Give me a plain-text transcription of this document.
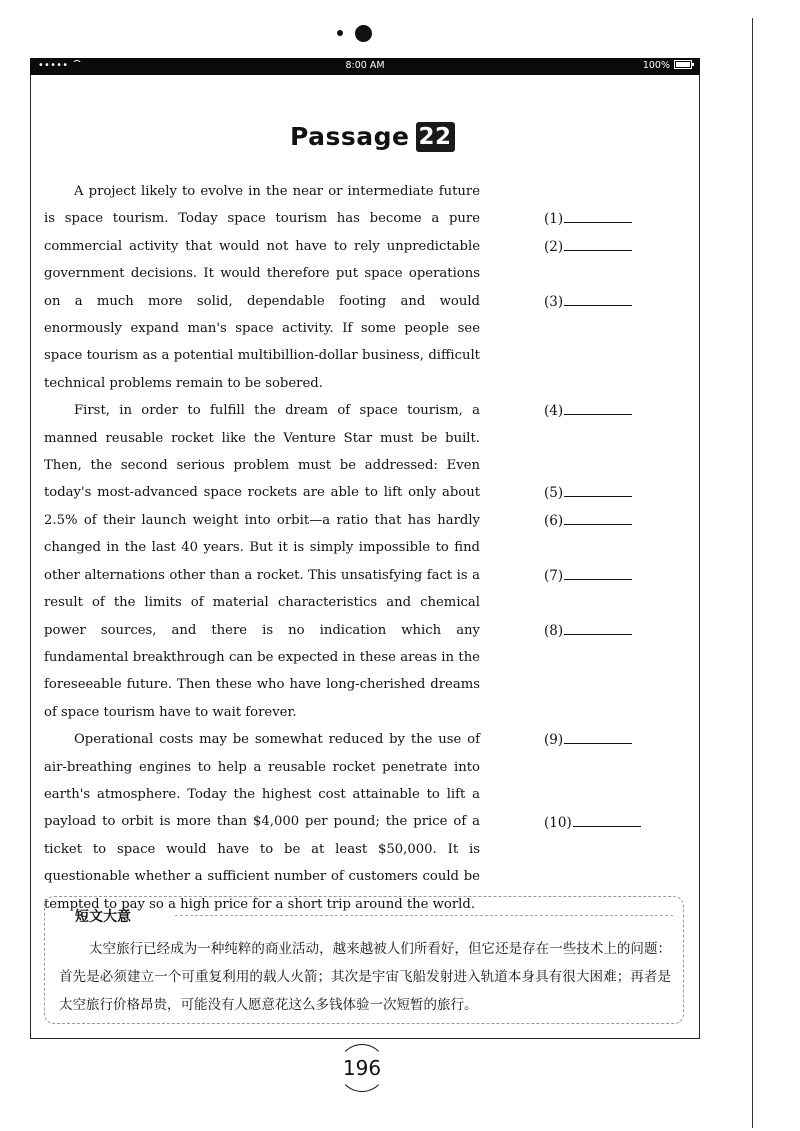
•••••	8:00 AM	100%
Passage 22

A project likely to evolve in the near or intermediate future is space tourism. Today space tourism has become a pure commercial activity that would not have to rely unpredictable government decisions. It would therefore put space operations on a much more solid, dependable footing and would enormously expand man's space activity. If some people see space tourism as a potential multibillion-dollar business, difficult technical problems remain to be sobered.

First, in order to fulfill the dream of space tourism, a manned reusable rocket like the Venture Star must be built. Then, the second serious problem must be addressed: Even today's most-advanced space rockets are able to lift only about 2.5% of their launch weight into orbit—a ratio that has hardly changed in the last 40 years. But it is simply impossible to find other alternations other than a rocket. This unsatisfying fact is a result of the limits of material characteristics and chemical power sources, and there is no indication which any fundamental breakthrough can be expected in these areas in the foreseeable future. Then these who have long-cherished dreams of space tourism have to wait forever.

Operational costs may be somewhat reduced by the use of air-breathing engines to help a reusable rocket penetrate into earth's atmosphere. Today the highest cost attainable to lift a payload to orbit is more than $4,000 per pound; the price of a ticket to space would have to be at least $50,000. It is questionable whether a sufficient number of customers could be tempted to pay so a high price for a short trip around the world.

(1)
(2)
(3)
(4)
(5)
(6)
(7)
(8)
(9)
(10)
短文大意
太空旅行已经成为一种纯粹的商业活动，越来越被人们所看好，但它还是存在一些技术上的问题：首先是必须建立一个可重复利用的载人火箭；其次是宇宙飞船发射进入轨道本身具有很大困难；再者是太空旅行价格昂贵，可能没有人愿意花这么多钱体验一次短暂的旅行。
196
